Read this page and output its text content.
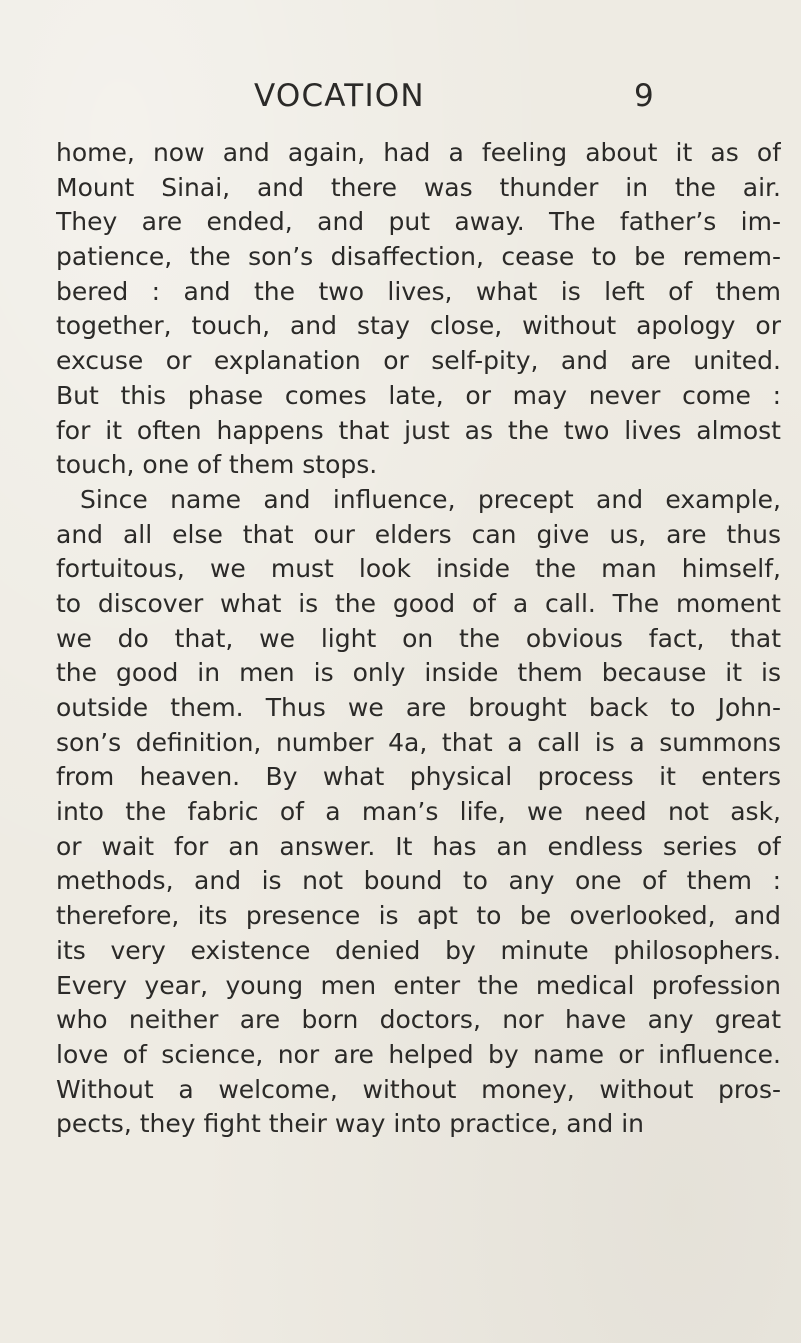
VOCATION	9
home, now and again, had a feeling about it as of
Mount Sinai, and there was thunder in the air.
They are ended, and put away. The father’s im-
patience, the son’s disaffection, cease to be remem-
bered : and the two lives, what is left of them
together, touch, and stay close, without apology or
excuse or explanation or self-pity, and are united.
But this phase comes late, or may never come :
for it often happens that just as the two lives almost
touch, one of them stops.
Since name and influence, precept and example,
and all else that our elders can give us, are thus
fortuitous, we must look inside the man himself,
to discover what is the good of a call. The moment
we do that, we light on the obvious fact, that
the good in men is only inside them because it is
outside them. Thus we are brought back to John-
son’s definition, number 4a, that a call is a summons
from heaven. By what physical process it enters
into the fabric of a man’s life, we need not ask,
or wait for an answer. It has an endless series of
methods, and is not bound to any one of them :
therefore, its presence is apt to be overlooked, and
its very existence denied by minute philosophers.
Every year, young men enter the medical profession
who neither are born doctors, nor have any great
love of science, nor are helped by name or influence.
Without a welcome, without money, without pros-
pects, they fight their way into practice, and in
